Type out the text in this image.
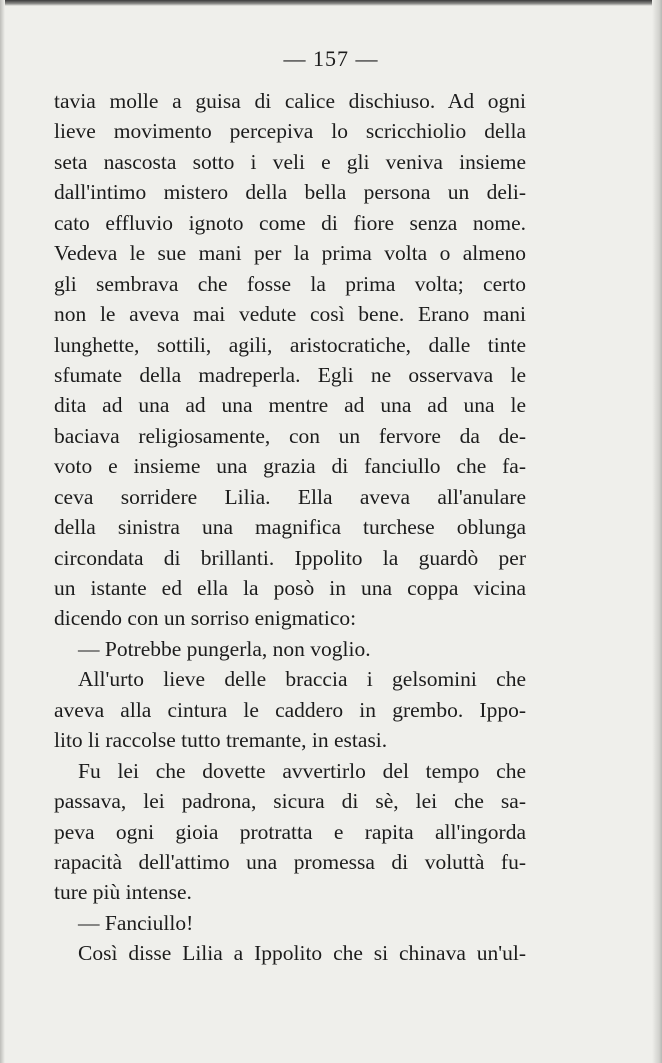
— 157 —
tavia molle a guisa di calice dischiuso. Ad ogni
lieve movimento percepiva lo scricchiolio della
seta nascosta sotto i veli e gli veniva insieme
dall'intimo mistero della bella persona un deli-
cato effluvio ignoto come di fiore senza nome.
Vedeva le sue mani per la prima volta o almeno
gli sembrava che fosse la prima volta; certo
non le aveva mai vedute così bene. Erano mani
lunghette, sottili, agili, aristocratiche, dalle tinte
sfumate della madreperla. Egli ne osservava le
dita ad una ad una mentre ad una ad una le
baciava religiosamente, con un fervore da de-
voto e insieme una grazia di fanciullo che fa-
ceva sorridere Lilia. Ella aveva all'anulare
della sinistra una magnifica turchese oblunga
circondata di brillanti. Ippolito la guardò per
un istante ed ella la posò in una coppa vicina
dicendo con un sorriso enigmatico:
— Potrebbe pungerla, non voglio.
All'urto lieve delle braccia i gelsomini che
aveva alla cintura le caddero in grembo. Ippo-
lito li raccolse tutto tremante, in estasi.
Fu lei che dovette avvertirlo del tempo che
passava, lei padrona, sicura di sè, lei che sa-
peva ogni gioia protratta e rapita all'ingorda
rapacità dell'attimo una promessa di voluttà fu-
ture più intense.
— Fanciullo!
Così disse Lilia a Ippolito che si chinava un'ul-
